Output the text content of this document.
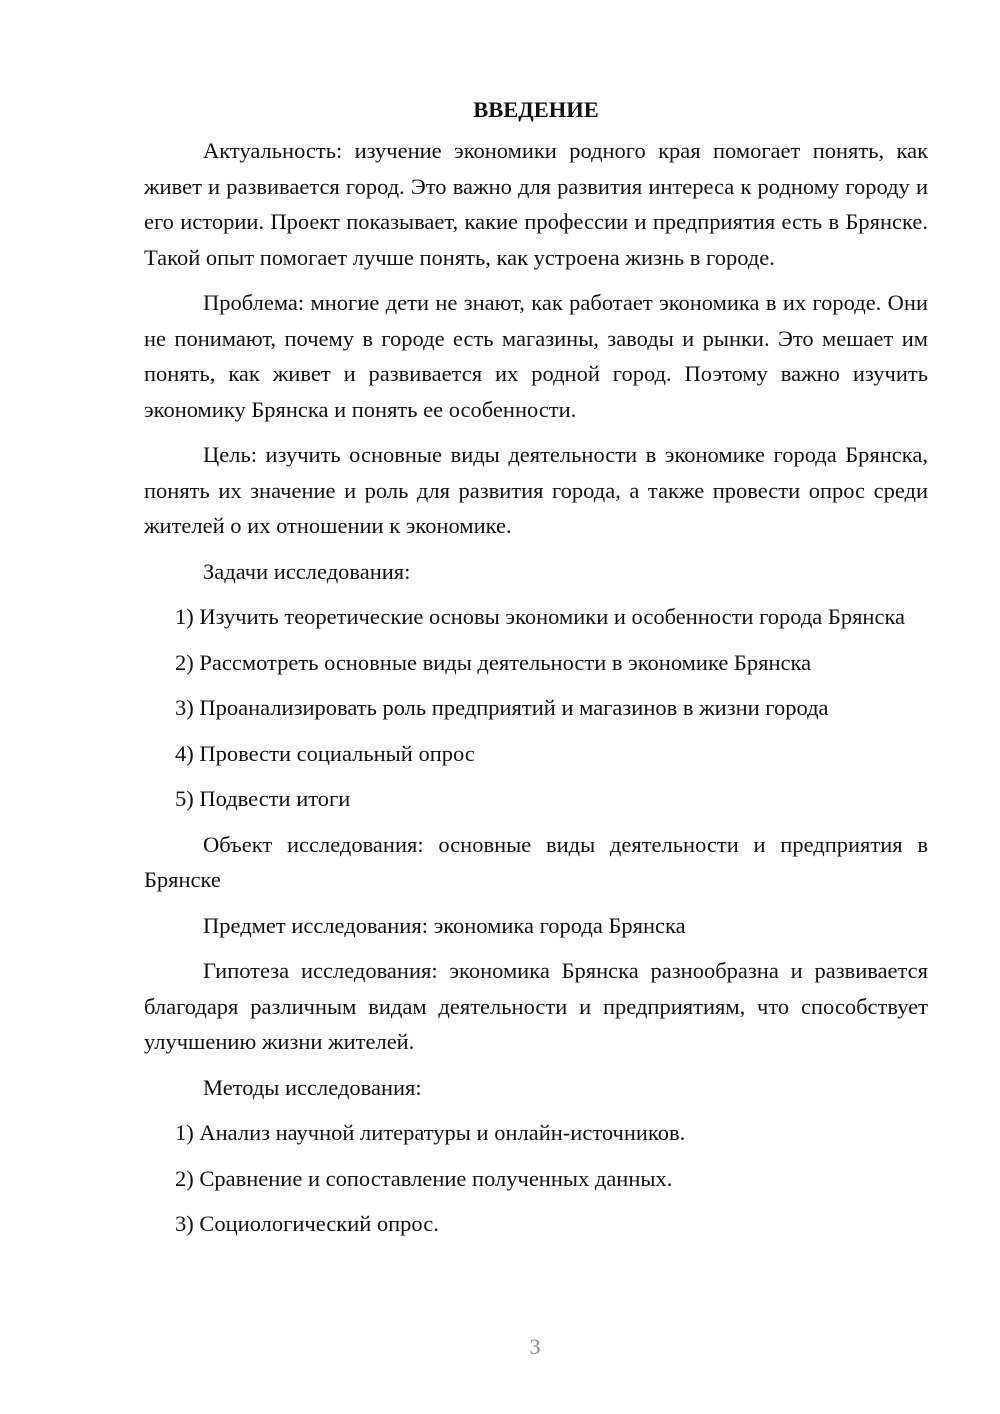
ВВЕДЕНИЕ

Актуальность: изучение экономики родного края помогает понять, как живет и развивается город. Это важно для развития интереса к родному городу и его истории. Проект показывает, какие профессии и предприятия есть в Брянске. Такой опыт помогает лучше понять, как устроена жизнь в городе.

Проблема: многие дети не знают, как работает экономика в их городе. Они не понимают, почему в городе есть магазины, заводы и рынки. Это мешает им понять, как живет и развивается их родной город. Поэтому важно изучить экономику Брянска и понять ее особенности.

Цель: изучить основные виды деятельности в экономике города Брянска, понять их значение и роль для развития города, а также провести опрос среди жителей о их отношении к экономике.

Задачи исследования:

1) Изучить теоретические основы экономики и особенности города Брянска

2) Рассмотреть основные виды деятельности в экономике Брянска

3) Проанализировать роль предприятий и магазинов в жизни города

4) Провести социальный опрос

5) Подвести итоги

Объект исследования: основные виды деятельности и предприятия в Брянске

Предмет исследования: экономика города Брянска

Гипотеза исследования: экономика Брянска разнообразна и развивается благодаря различным видам деятельности и предприятиям, что способствует улучшению жизни жителей.

Методы исследования:

1) Анализ научной литературы и онлайн-источников.

2) Сравнение и сопоставление полученных данных.

3) Социологический опрос.

3
